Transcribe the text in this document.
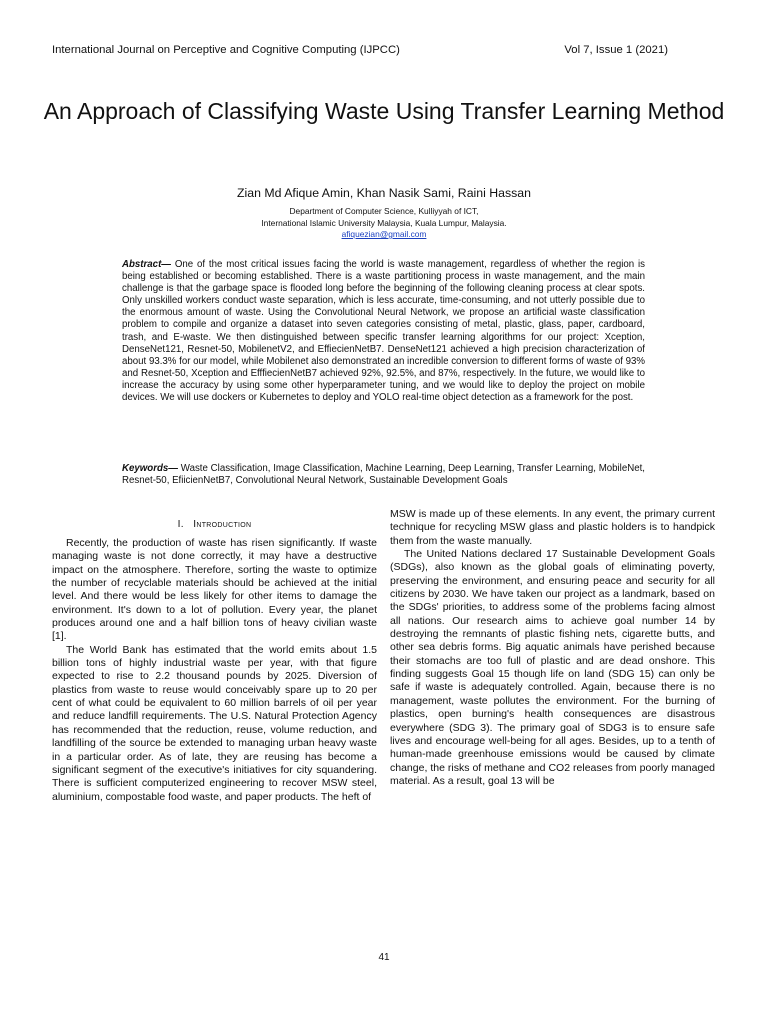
International Journal on Perceptive and Cognitive Computing (IJPCC)	Vol 7, Issue 1 (2021)
An Approach of Classifying Waste Using Transfer Learning Method
Zian Md Afique Amin, Khan Nasik Sami, Raini Hassan
Department of Computer Science, Kulliyyah of ICT,
International Islamic University Malaysia, Kuala Lumpur, Malaysia.
afiquezian@gmail.com
Abstract— One of the most critical issues facing the world is waste management, regardless of whether the region is being established or becoming established. There is a waste partitioning process in waste management, and the main challenge is that the garbage space is flooded long before the beginning of the following cleaning process at clear spots. Only unskilled workers conduct waste separation, which is less accurate, time-consuming, and not utterly possible due to the enormous amount of waste. Using the Convolutional Neural Network, we propose an artificial waste classification problem to compile and organize a dataset into seven categories consisting of metal, plastic, glass, paper, cardboard, trash, and E-waste. We then distinguished between specific transfer learning algorithms for our project: Xception, DenseNet121, Resnet-50, MobilenetV2, and EffiecienNetB7. DenseNet121 achieved a high precision characterization of about 93.3% for our model, while Mobilenet also demonstrated an incredible conversion to different forms of waste of 93% and Resnet-50, Xception and EfffiecienNetB7 achieved 92%, 92.5%, and 87%, respectively. In the future, we would like to increase the accuracy by using some other hyperparameter tuning, and we would like to deploy the project on mobile devices. We will use dockers or Kubernetes to deploy and YOLO real-time object detection as a framework for the post.
Keywords— Waste Classification, Image Classification, Machine Learning, Deep Learning, Transfer Learning, MobileNet, Resnet-50, EfiicienNetB7, Convolutional Neural Network, Sustainable Development Goals
I.   Introduction

Recently, the production of waste has risen significantly. If waste managing waste is not done correctly, it may have a destructive impact on the atmosphere. Therefore, sorting the waste to optimize the number of recyclable materials should be achieved at the initial level. And there would be less likely for other items to damage the environment. It's down to a lot of pollution. Every year, the planet produces around one and a half billion tons of heavy civilian waste [1].

The World Bank has estimated that the world emits about 1.5 billion tons of highly industrial waste per year, with that figure expected to rise to 2.2 thousand pounds by 2025. Diversion of plastics from waste to reuse would conceivably spare up to 20 per cent of what could be equivalent to 60 million barrels of oil per year and reduce landfill requirements. The U.S. Natural Protection Agency has recommended that the reduction, reuse, volume reduction, and landfilling of the source be extended to managing urban heavy waste in a particular order. As of late, they are reusing has become a significant segment of the executive's initiatives for city squandering. There is sufficient computerized engineering to recover MSW steel, aluminium, compostable food waste, and paper products. The heft of

MSW is made up of these elements. In any event, the primary current technique for recycling MSW glass and plastic holders is to handpick them from the waste manually.

The United Nations declared 17 Sustainable Development Goals (SDGs), also known as the global goals of eliminating poverty, preserving the environment, and ensuring peace and security for all citizens by 2030. We have taken our project as a landmark, based on the SDGs' priorities, to address some of the problems facing almost all nations. Our research aims to achieve goal number 14 by destroying the remnants of plastic fishing nets, cigarette butts, and other sea debris forms. Big aquatic animals have perished because their stomachs are too full of plastic and are dead onshore. This finding suggests Goal 15 though life on land (SDG 15) can only be safe if waste is adequately controlled. Again, because there is no management, waste pollutes the environment. For the burning of plastics, open burning's health consequences are disastrous everywhere (SDG 3). The primary goal of SDG3 is to ensure safe lives and encourage well-being for all ages. Besides, up to a tenth of human-made greenhouse emissions would be caused by climate change, the risks of methane and CO2 releases from poorly managed material. As a result, goal 13 will be

41
